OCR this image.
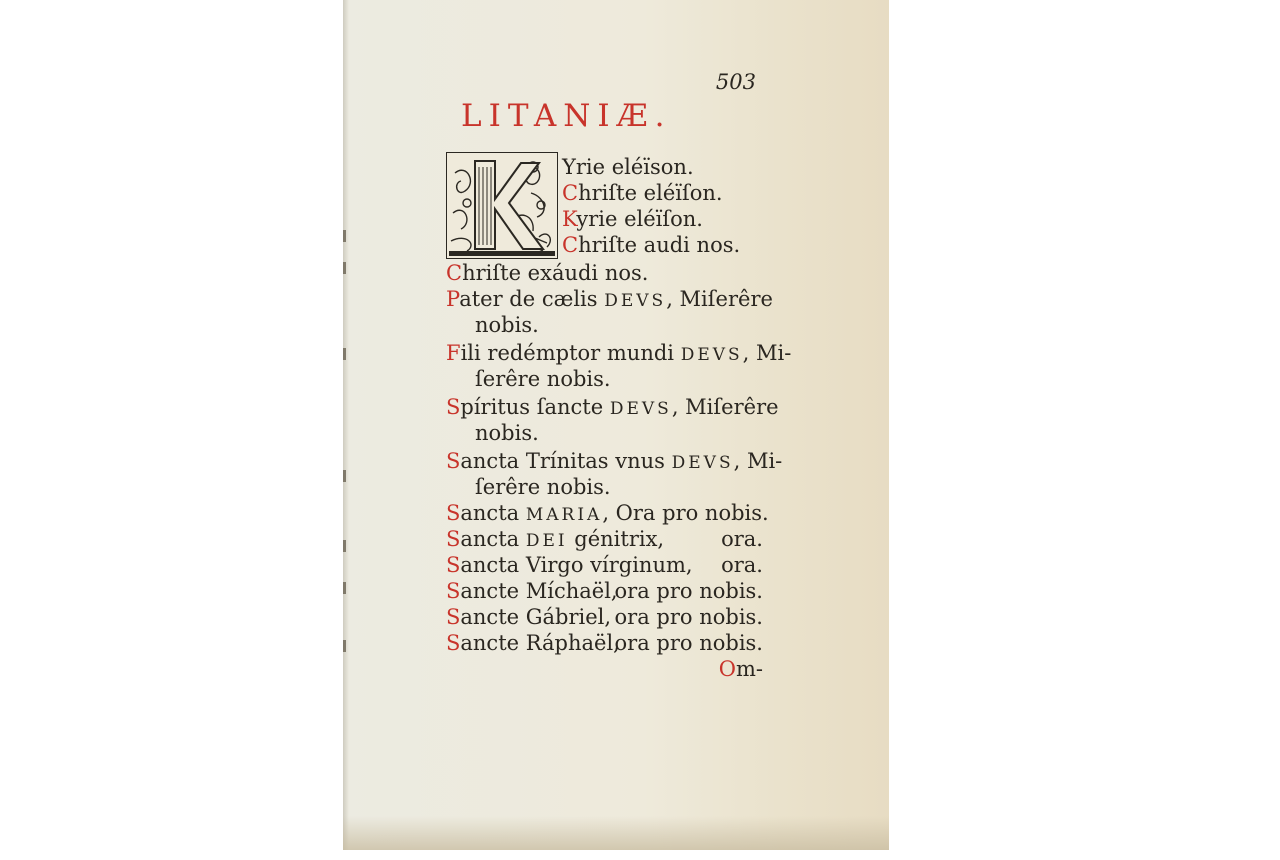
503
LITANIÆ.
Yrie eléïson.
Chriſte eléïſon.
Kyrie eléïſon.
Chriſte audi nos.
Chriſte exáudi nos.
Pater de cælis DEVS, Miſerêre
nobis.
Fili redémptor mundi DEVS, Mi-
ſerêre nobis.
Spíritus ſancte DEVS, Miſerêre
nobis.
Sancta Trínitas vnus DEVS, Mi-
ſerêre nobis.
Sancta MARIA, Ora pro nobis.
Sancta DEI génitrix,	ora.
Sancta Virgo vírginum, ora.
Sancte Míchaël,
ora pro nobis.
Sancte Gábriel, ora pro nobis.
Sancte Ráphaël,
ora pro nobis.
Om-
